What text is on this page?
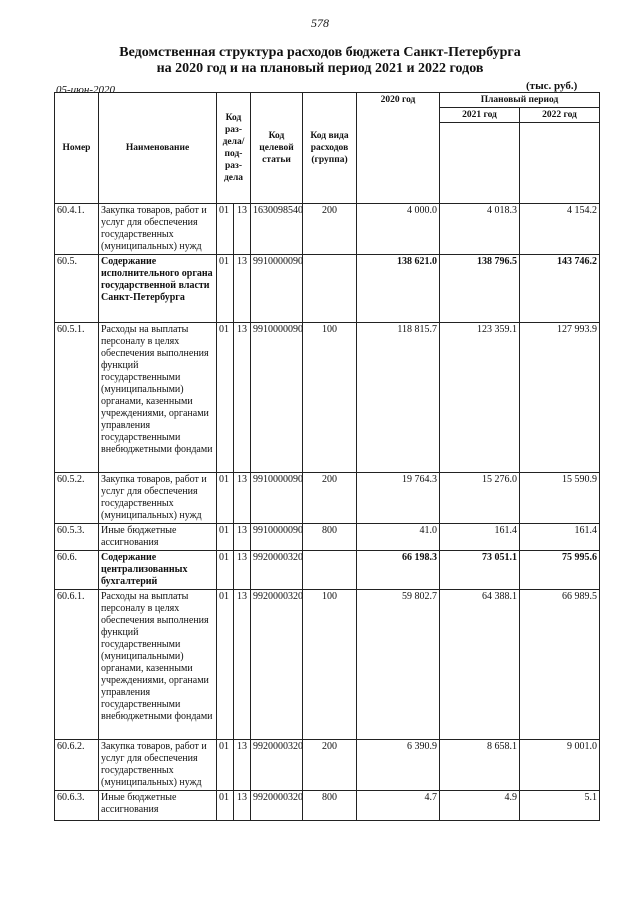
578
Ведомственная структура расходов бюджета Санкт-Петербурга
на 2020 год и на плановый период 2021 и 2022 годов
05-июн-2020	(тыс. руб.)
Номер	Наименование	Код раз-дела/ под-раз-дела		Код целевой статьи	Код вида расходов (группа)	2020 год	Плановый период	
							2021 год	2022 год

60.4.1.	Закупка товаров, работ и услуг для обеспечения государственных (муниципальных) нужд	01	13	1630098540	200	4 000.0	4 018.3	4 154.2
60.5.	Содержание исполнительного органа государственной власти Санкт-Петербурга	01	13	9910000090		138 621.0	138 796.5	143 746.2
60.5.1.	Расходы на выплаты персоналу в целях обеспечения выполнения функций государственными (муниципальными) органами, казенными учреждениями, органами управления государственными внебюджетными фондами	01	13	9910000090	100	118 815.7	123 359.1	127 993.9
60.5.2.	Закупка товаров, работ и услуг для обеспечения государственных (муниципальных) нужд	01	13	9910000090	200	19 764.3	15 276.0	15 590.9
60.5.3.	Иные бюджетные ассигнования	01	13	9910000090	800	41.0	161.4	161.4
60.6.	Содержание централизованных бухгалтерий	01	13	9920000320		66 198.3	73 051.1	75 995.6
60.6.1.	Расходы на выплаты персоналу в целях обеспечения выполнения функций государственными (муниципальными) органами, казенными учреждениями, органами управления государственными внебюджетными фондами	01	13	9920000320	100	59 802.7	64 388.1	66 989.5
60.6.2.	Закупка товаров, работ и услуг для обеспечения государственных (муниципальных) нужд	01	13	9920000320	200	6 390.9	8 658.1	9 001.0
60.6.3.	Иные бюджетные ассигнования	01	13	9920000320	800	4.7	4.9	5.1
